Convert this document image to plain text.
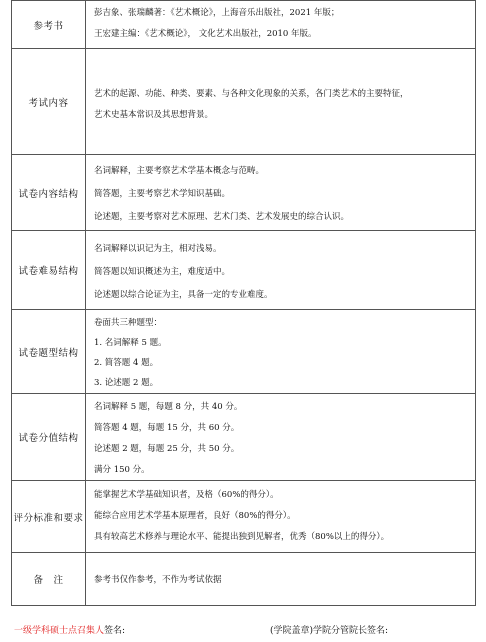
参考书	彭吉象、张瑞麟著：《艺术概论》，上海音乐出版社，2021 年版；
王宏建主编：《艺术概论》， 文化艺术出版社，2010 年版。

考试内容	艺术的起源、功能、种类、要素、与各种文化现象的关系，各门类艺术的主要特征，
艺术史基本常识及其思想背景。

试卷内容结构	名词解释，主要考察艺术学基本概念与范畴。
简答题，主要考察艺术学知识基础。
论述题，主要考察对艺术原理、艺术门类、艺术发展史的综合认识。

试卷难易结构	名词解释以识记为主，相对浅易。
简答题以知识概述为主，难度适中。
论述题以综合论证为主，具备一定的专业难度。

试卷题型结构	卷面共三种题型：
1. 名词解释 5 题。
2. 简答题 4 题。
3. 论述题 2 题。

试卷分值结构	名词解释 5 题，每题 8 分，共 40 分。
简答题 4 题，每题 15 分，共 60 分。
论述题 2 题，每题 25 分，共 50 分。
满分 150 分。

评分标准和要求	能掌握艺术学基础知识者，及格（60%的得分）。
能综合应用艺术学基本原理者，良好（80%的得分）。
具有较高艺术修养与理论水平、能提出独到见解者，优秀（80%以上的得分）。

备　注	参考书仅作参考，不作为考试依据
一级学科硕士点召集人签名:	(学院盖章)学院分管院长签名:
